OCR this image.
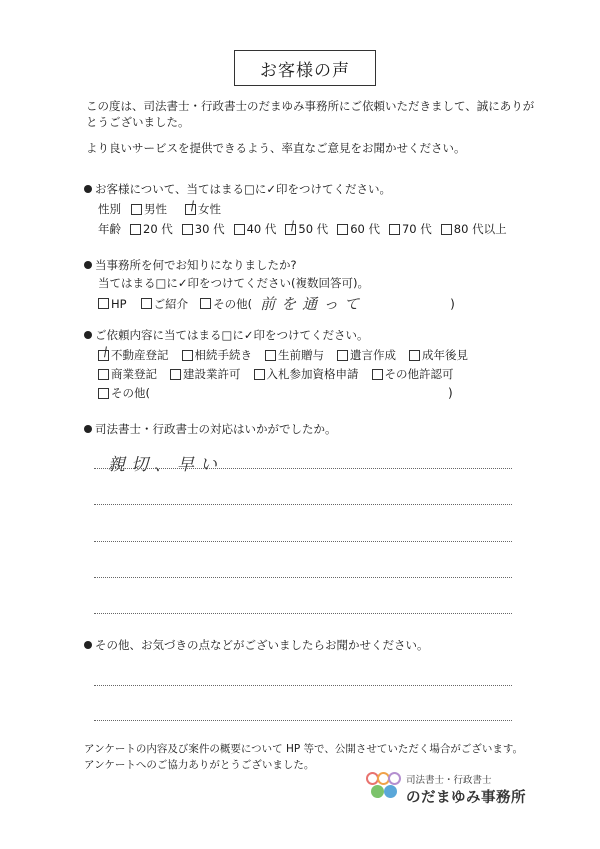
お客様の声
この度は、司法書士・行政書士のだまゆみ事務所にご依頼いただきまして、誠にありが
とうございました。
より良いサービスを提供できるよう、率直なご意見をお聞かせください。
お客様について、当てはまる□に✓印をつけてください。
性別 男性	女性
年齢 20 代 30 代 40 代 50 代 60 代 70 代 80 代以上
当事務所を何でお知りになりましたか?
当てはまる□に✓印をつけてください(複数回答可)。
HP ご紹介 その他( 前を通って	)
ご依頼内容に当てはまる□に✓印をつけてください。
不動産登記 相続手続き 生前贈与 遺言作成 成年後見
商業登記 建設業許可 入札参加資格申請 その他許認可
その他(	)
司法書士・行政書士の対応はいかがでしたか。
親切、早い
その他、お気づきの点などがございましたらお聞かせください。
アンケートの内容及び案件の概要について HP 等で、公開させていただく場合がございます。
アンケートへのご協力ありがとうございました。
司法書士・行政書士
のだまゆみ事務所
